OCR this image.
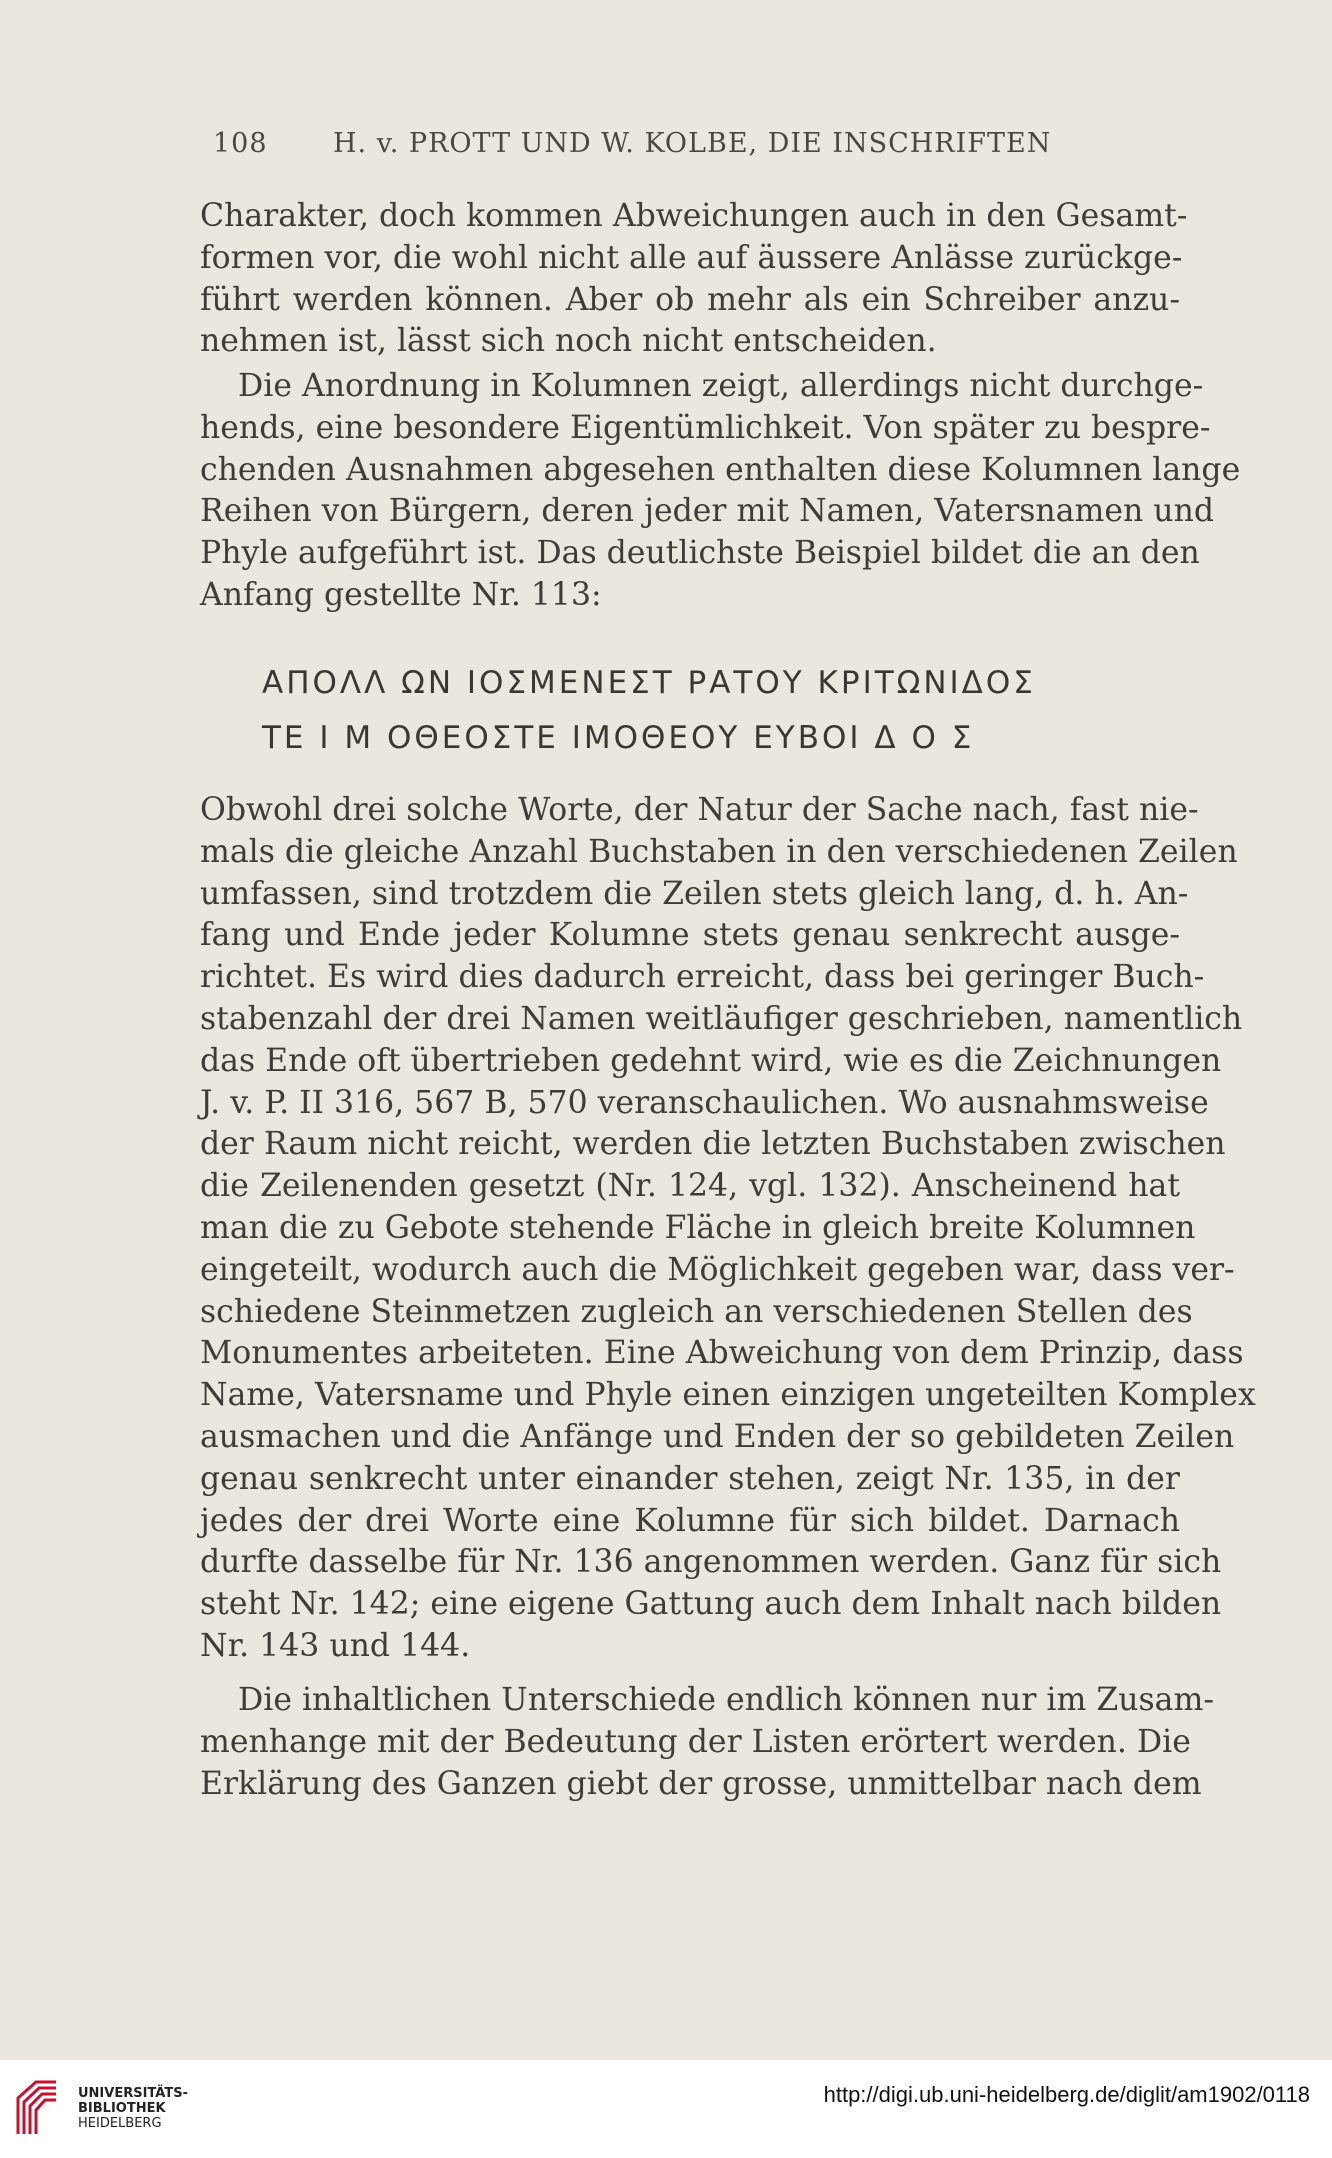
108 H. v. PROTT UND W. KOLBE, DIE INSCHRIFTEN
Charakter, doch kommen Abweichungen auch in den Gesamt-
formen vor, die wohl nicht alle auf äussere Anlässe zurückge-
führt werden können. Aber ob mehr als ein Schreiber anzu-
nehmen ist, lässt sich noch nicht entscheiden.
Die Anordnung in Kolumnen zeigt, allerdings nicht durchge-
hends, eine besondere Eigentümlichkeit. Von später zu bespre-
chenden Ausnahmen abgesehen enthalten diese Kolumnen lange
Reihen von Bürgern, deren jeder mit Namen, Vatersnamen und
Phyle aufgeführt ist. Das deutlichste Beispiel bildet die an den
Anfang gestellte Nr. 113:
ΑΠΟΛΛ ΩΝ ΙΟΣΜΕΝΕΣΤ ΡΑΤΟΥ ΚΡΙΤΩΝΙΔΟΣ
ΤΕ Ι Μ ΟΘΕΟΣΤΕ ΙΜΟΘΕΟΥ ΕΥΒΟΙ Δ Ο Σ
Obwohl drei solche Worte, der Natur der Sache nach, fast nie-
mals die gleiche Anzahl Buchstaben in den verschiedenen Zeilen
umfassen, sind trotzdem die Zeilen stets gleich lang, d. h. An-
fang und Ende jeder Kolumne stets genau senkrecht ausge-
richtet. Es wird dies dadurch erreicht, dass bei geringer Buch-
stabenzahl der drei Namen weitläufiger geschrieben, namentlich
das Ende oft übertrieben gedehnt wird, wie es die Zeichnungen
J. v. P. II 316, 567 B, 570 veranschaulichen. Wo ausnahmsweise
der Raum nicht reicht, werden die letzten Buchstaben zwischen
die Zeilenenden gesetzt (Nr. 124, vgl. 132). Anscheinend hat
man die zu Gebote stehende Fläche in gleich breite Kolumnen
eingeteilt, wodurch auch die Möglichkeit gegeben war, dass ver-
schiedene Steinmetzen zugleich an verschiedenen Stellen des
Monumentes arbeiteten. Eine Abweichung von dem Prinzip, dass
Name, Vatersname und Phyle einen einzigen ungeteilten Komplex
ausmachen und die Anfänge und Enden der so gebildeten Zeilen
genau senkrecht unter einander stehen, zeigt Nr. 135, in der
jedes der drei Worte eine Kolumne für sich bildet. Darnach
durfte dasselbe für Nr. 136 angenommen werden. Ganz für sich
steht Nr. 142; eine eigene Gattung auch dem Inhalt nach bilden
Nr. 143 und 144.
Die inhaltlichen Unterschiede endlich können nur im Zusam-
menhange mit der Bedeutung der Listen erörtert werden. Die
Erklärung des Ganzen giebt der grosse, unmittelbar nach dem
UNIVERSITÄTS-
BIBLIOTHEK
HEIDELBERG
http://digi.ub.uni-heidelberg.de/diglit/am1902/0118
